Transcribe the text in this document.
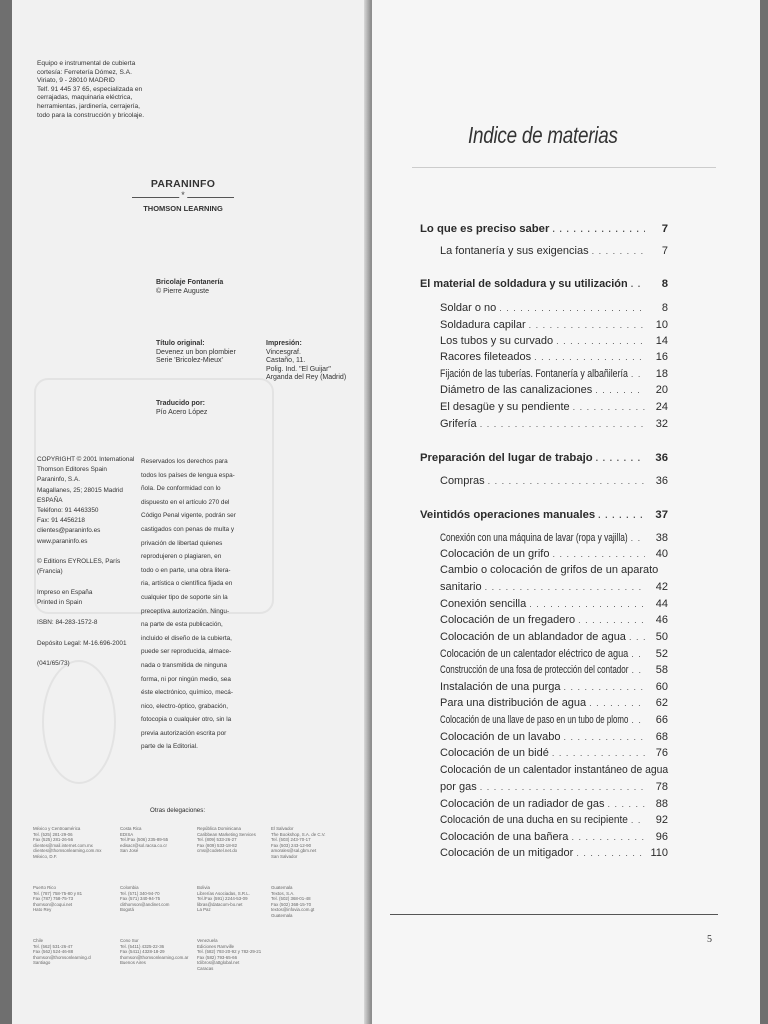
Equipo e instrumental de cubierta
cortesía: Ferretería Dómez, S.A.
Viriato, 9 - 28010 MADRID
Telf. 91 445 37 65, especializada en
cerrajadas, maquinaria eléctrica,
herramientas, jardinería, cerrajería,
todo para la construcción y bricolaje.
PARANINFO
*
THOMSON LEARNING
Bricolaje Fontanería
© Pierre Auguste
Título original:
Devenez un bon plombier
Serie 'Bricolez-Mieux'
Impresión:
Vincesgraf.
Castaño, 11.
Polig. Ind. "El Guijar"
Arganda del Rey (Madrid)
Traducido por:
Pío Acero López
COPYRIGHT © 2001 International
Thomson Editores Spain
Paraninfo, S.A.
Magallanes, 25; 28015 Madrid
ESPAÑA
Teléfono: 91 4463350
Fax: 91 4456218
clientes@paraninfo.es
www.paraninfo.es

© Editions EYROLLES, París
(Francia)

Impreso en España
Printed in Spain

ISBN: 84-283-1572-8

Depósito Legal: M-16.696-2001

(041/65/73)
Reservados los derechos para
todos los países de lengua espa-
ñola. De conformidad con lo
dispuesto en el artículo 270 del
Código Penal vigente, podrán ser
castigados con penas de multa y
privación de libertad quienes
reprodujeren o plagiaren, en
todo o en parte, una obra litera-
ria, artística o científica fijada en
cualquier tipo de soporte sin la
preceptiva autorización. Ningu-
na parte de esta publicación,
incluido el diseño de la cubierta,
puede ser reproducida, almace-
nada o transmitida de ninguna
forma, ni por ningún medio, sea
éste electrónico, químico, mecá-
nico, electro-óptico, grabación,
fotocopia o cualquier otro, sin la
previa autorización escrita por
parte de la Editorial.
Otras delegaciones:
México y Centroamérica
Tel. (525) 281-29-06
Fax (525) 281-26-56
clientes@mail.internet.com.mx
clientes@thomsonlearning.com.mx
México, D.F.
Costa Rica
EDISA
Tel./Fax (506) 235-89-55
edisacr@sol.racsa.co.cr
San José
República Dominicana
Caribbean Marketing Services
Tel. (809) 533-26-27
Fax (809) 533-18-82
cms@codetel.net.do
El Salvador
The Bookshop, S.A. de C.V.
Tel. (503) 243-70-17
Fax (503) 243-12-90
amorales@sal.gbm.net
San Salvador
Puerto Rico
Tel. (787) 758-75-80 y 81
Fax (787) 758-75-73
thomson@coqui.net
Hato Rey
Colombia
Tel. (571) 340-94-70
Fax (571) 340-94-75
clithomson@andinet.com
Bogotá
Bolivia
Librerías Asociadas, S.R.L.
Tel./Fax (591) 2244-53-09
libras@datacom-bo.net
La Paz
Guatemala
Textos, S.A.
Tel. (502) 368-01-48
Fax (502) 368-15-70
textos@infovia.com.gt
Guatemala
Chile
Tel. (562) 531-26-47
Fax (562) 524-46-88
thomson@thomsonlearning.cl
Santiago
Cono Sur
Tel. (5411) 4325-22-36
Fax (5411) 4328-18-29
thomson@thomsonlearning.com.ar
Buenos Aires
Venezuela
Ediciones Ramville
Tel. (582) 793-20-92 y 782-29-21
Fax (582) 793-65-66
tclibros@attglobal.net
Caracas
Indice de materias
Lo que es preciso saber . . .	7
La fontanería y sus exigencias . . .	7
El material de soldadura y su utilización . . .	8
Soldar o no . . .	8
Soldadura capilar . . .	10
Los tubos y su curvado . . .	14
Racores fileteados . . .	16
Fijación de las tuberías. Fontanería y albañilería . . .	18
Diámetro de las canalizaciones . . .	20
El desagüe y su pendiente . . .	24
Grifería . . .	32
Preparación del lugar de trabajo . . .	36
Compras . . .	36
Veintidós operaciones manuales . . .	37
Conexión con una máquina de lavar (ropa y vajilla) . . .	38
Colocación de un grifo . . .	40
Cambio o colocación de grifos de un aparato
sanitario . . .	42
Conexión sencilla . . .	44
Colocación de un fregadero . . .	46
Colocación de un ablandador de agua . . .	50
Colocación de un calentador eléctrico de agua . . .	52
Construcción de una fosa de protección del contador . . .	58
Instalación de una purga . . .	60
Para una distribución de agua . . .	62
Colocación de una llave de paso en un tubo de plomo . . .	66
Colocación de un lavabo . . .	68
Colocación de un bidé . . .	76
Colocación de un calentador instantáneo de agua
por gas . . .	78
Colocación de un radiador de gas . . .	88
Colocación de una ducha en su recipiente . . .	92
Colocación de una bañera . . .	96
Colocación de un mitigador . . .	110
5
